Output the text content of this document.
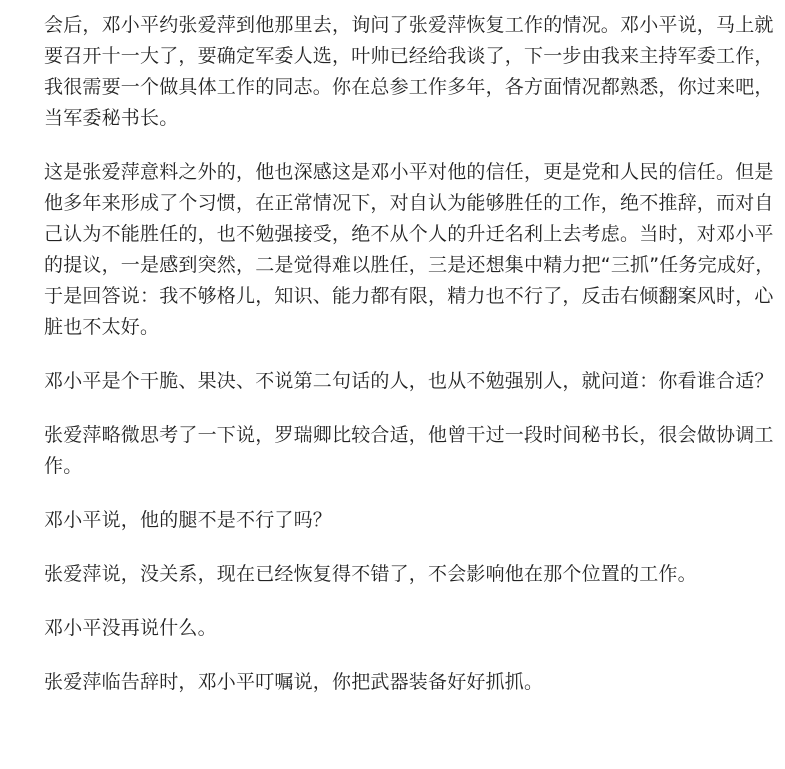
会后，邓小平约张爱萍到他那里去，询问了张爱萍恢复工作的情况。邓小平说，马上就要召开十一大了，要确定军委人选，叶帅已经给我谈了，下一步由我来主持军委工作，我很需要一个做具体工作的同志。你在总参工作多年，各方面情况都熟悉，你过来吧，当军委秘书长。

这是张爱萍意料之外的，他也深感这是邓小平对他的信任，更是党和人民的信任。但是他多年来形成了个习惯，在正常情况下，对自认为能够胜任的工作，绝不推辞，而对自己认为不能胜任的，也不勉强接受，绝不从个人的升迁名利上去考虑。当时，对邓小平的提议，一是感到突然，二是觉得难以胜任，三是还想集中精力把“三抓”任务完成好，于是回答说：我不够格儿，知识、能力都有限，精力也不行了，反击右倾翻案风时，心脏也不太好。

邓小平是个干脆、果决、不说第二句话的人，也从不勉强别人，就问道：你看谁合适？

张爱萍略微思考了一下说，罗瑞卿比较合适，他曾干过一段时间秘书长，很会做协调工作。

邓小平说，他的腿不是不行了吗？

张爱萍说，没关系，现在已经恢复得不错了，不会影响他在那个位置的工作。

邓小平没再说什么。

张爱萍临告辞时，邓小平叮嘱说，你把武器装备好好抓抓。
